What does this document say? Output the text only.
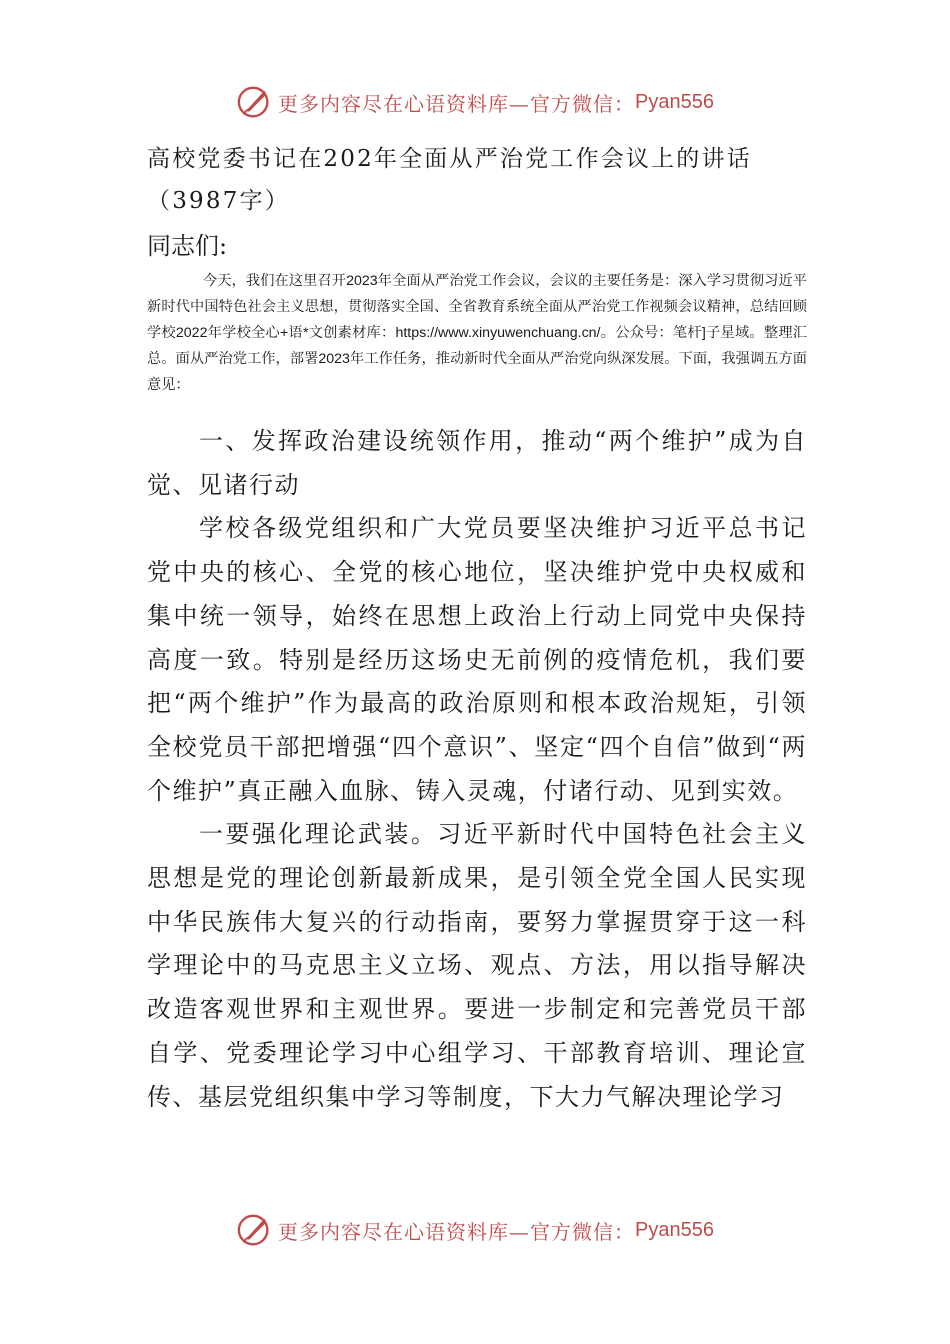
更多内容尽在心语资料库—官方微信： Pyan556
高校党委书记在202年全面从严治党工作会议上的讲话（3987字）

同志们:

今天，我们在这里召开2023年全面从严治党工作会议，会议的主要任务是：深入学习贯彻习近平新时代中国特色社会主义思想，贯彻落实全国、全省教育系统全面从严治党工作视频会议精神，总结回顾学校2022年学校全心+语*文创素材库：https://www.xinyuwenchuang.cn/。公众号：笔杆]子星域。整理汇总。面从严治党工作，部署2023年工作任务，推动新时代全面从严治党向纵深发展。下面，我强调五方面意见：

一、发挥政治建设统领作用，推动“两个维护”成为自觉、见诸行动

学校各级党组织和广大党员要坚决维护习近平总书记党中央的核心、全党的核心地位，坚决维护党中央权威和集中统一领导，始终在思想上政治上行动上同党中央保持高度一致。特别是经历这场史无前例的疫情危机，我们要把“两个维护”作为最高的政治原则和根本政治规矩，引领全校党员干部把增强“四个意识”、坚定“四个自信”做到“两个维护”真正融入血脉、铸入灵魂，付诸行动、见到实效。

一要强化理论武装。习近平新时代中国特色社会主义思想是党的理论创新最新成果，是引领全党全国人民实现中华民族伟大复兴的行动指南，要努力掌握贯穿于这一科学理论中的马克思主义立场、观点、方法，用以指导解决改造客观世界和主观世界。要进一步制定和完善党员干部自学、党委理论学习中心组学习、干部教育培训、理论宣传、基层党组织集中学习等制度，下大力气解决理论学习

更多内容尽在心语资料库—官方微信： Pyan556
